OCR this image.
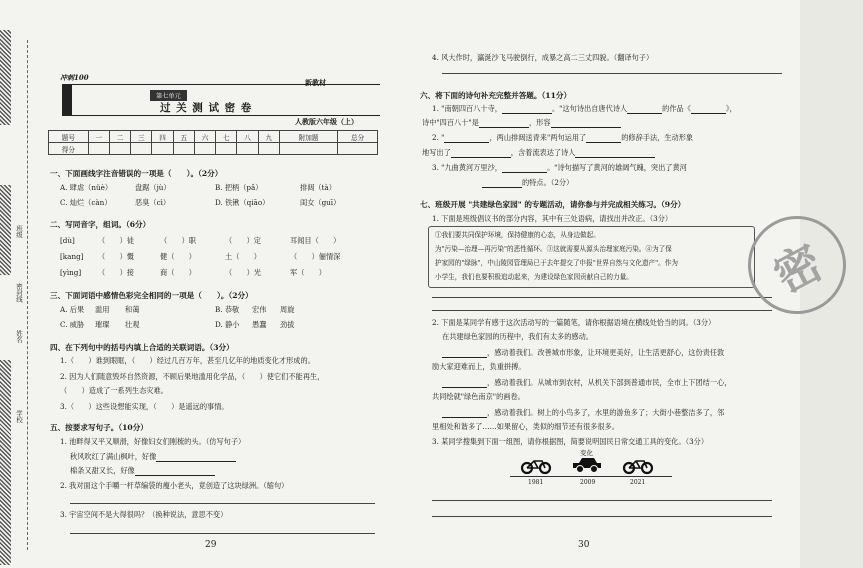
班级
密封线
姓名
学校
冲刺100
第七单元
新教材
过 关 测 试 密 卷
人教版六年级（上）
题号	一	二	三	四	五	六	七	八	九	附加题	总分
得分											
一、下面画线字注音错误的一项是（　　）。（2分）
A. 肆虐（nüè）	盘踞（jù）	B. 把柄（pǎ）	排闼（tà）
C. 灿烂（càn）	恶臭（cì）	D. 铁锹（qiāo）	闺女（guī）
二、写同音字，组词。（6分）
[dù]	（　　）徒	（　　）职	（　　）定	耳闻目（　　）
[kang] （　　）慨	健（　　）	土（　　）	（　　）俪情深
[yìng] （　　）接	商（　　）	（　　）光	军（　　）
三、下面词语中感情色彩完全相同的一项是（　　）。（2分）
A. 后果 滥用 和蔼	B. 恭敬 宏伟 周旋
C. 威胁 璀璨 壮观	D. 静小 愚蠢 劲拔
四、在下列句中的括号内填上合适的关联词语。（3分）
1.（　　）谁到眼眶，（　　）经过几百万年，甚至几亿年的地质变化才形成的。
2. 因为人们随意毁坏自然资源，不顾后果地滥用化学品，（　　）使它们不能再生，
（　　）造成了一系列生态灾难。
3.（　　）这些设想能实现，（　　）是遥远的事情。
五、按要求写句子。（10分）
1. 池畔得又平又顺滑，好像妇女们刚梳的头。（仿写句子）
秋风吹红了满山枫叶，好像
棉条又甜又长，好像
2. 我对面这个手嚼一杆草编袋的瘦小老头，竟创造了这块绿洲。（缩句）
3. 宇宙空间不是大得很吗？（换种说法，意思不变）
29
4. 风大作时，瀛涎沙飞马驶倒行，成暴之高二三丈四貌。（翻译句子）
六、将下面的诗句补充完整并答题。（11分）
1. "南朝四百八十寺，	。"这句诗出自唐代诗人	的作品《	》，
诗中"四百八十"是	，形容
2. "	，两山排闼送青来"两句运用了	的修辞手法，生动形象
地写出了	，含着流表达了诗人
3. "九曲黄河万里沙，	。"诗句描写了黄河的雄阔气魄，突出了黄河
的特点。（2分）
七、班级开展 "共建绿色家园" 的专题活动，请你参与并完成相关练习。（9分）
1. 下面是班级倡议书的部分内容，其中有三处语病，请找出并改正。（3分）
①我们要共同保护环境，保持健康的心态，从身边做起。
为"污染—治理—再污染"的恶性循环。③这就需要从源头治理家庭污染。④为了保
护家园的"绿脉"，中山陵园管理局已于去年提交了申报"世界自然与文化遗产"。作为
小学生，我们也要积极追动起来，为建设绿色家园贡献自己的力量。
2. 下面是某同学有感于这次活动写的一篇随笔，请你根据语境在横线处恰当的词。（3分）
在共建绿色家园的历程中，我们有太多的感动。
，感动着我们。改善城市形象，让环境更美好，让生活更舒心，这份责任敦
励大家迎难而上，负重拼搏。
，感动着我们。从城市到农村，从机关下部到普通市民，全市上下团结一心，
共同绘就"绿色南京"的画卷。
，感动着我们。树上的小鸟多了，水里的游鱼多了；大街小巷整洁多了，邻
里相处和谐多了……如果留心，类似的细节还有很多很多。
3. 某同学搜集到下面一组图，请你根据图，简要说明国民日常交通工具的变化。（3分）
变化
1981	2009	2021
30
密
